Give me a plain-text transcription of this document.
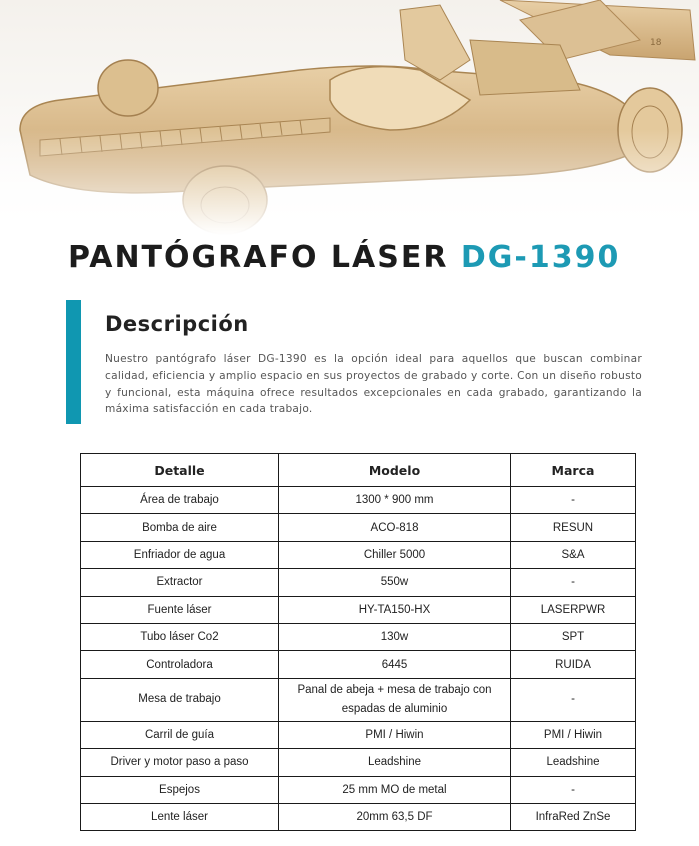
PANTÓGRAFO LÁSER DG-1390
Descripción

Nuestro pantógrafo láser DG-1390 es la opción ideal para aquellos que buscan combinar calidad, eficiencia y amplio espacio en sus proyectos de grabado y corte. Con un diseño robusto y funcional, esta máquina ofrece resultados excepcionales en cada grabado, garantizando la máxima satisfacción en cada trabajo.

Detalle	Modelo	Marca
Área de trabajo	1300 * 900 mm	-
Bomba de aire	ACO-818	RESUN
Enfriador de agua	Chiller 5000	S&A
Extractor	550w	-
Fuente láser	HY-TA150-HX	LASERPWR
Tubo láser Co2	130w	SPT
Controladora	6445	RUIDA
Mesa de trabajo	Panal de abeja + mesa de trabajo con espadas de aluminio	-
Carril de guía	PMI / Hiwin	PMI / Hiwin
Driver y motor paso a paso	Leadshine	Leadshine
Espejos	25 mm MO de metal	-
Lente láser	20mm 63,5 DF	InfraRed ZnSe
